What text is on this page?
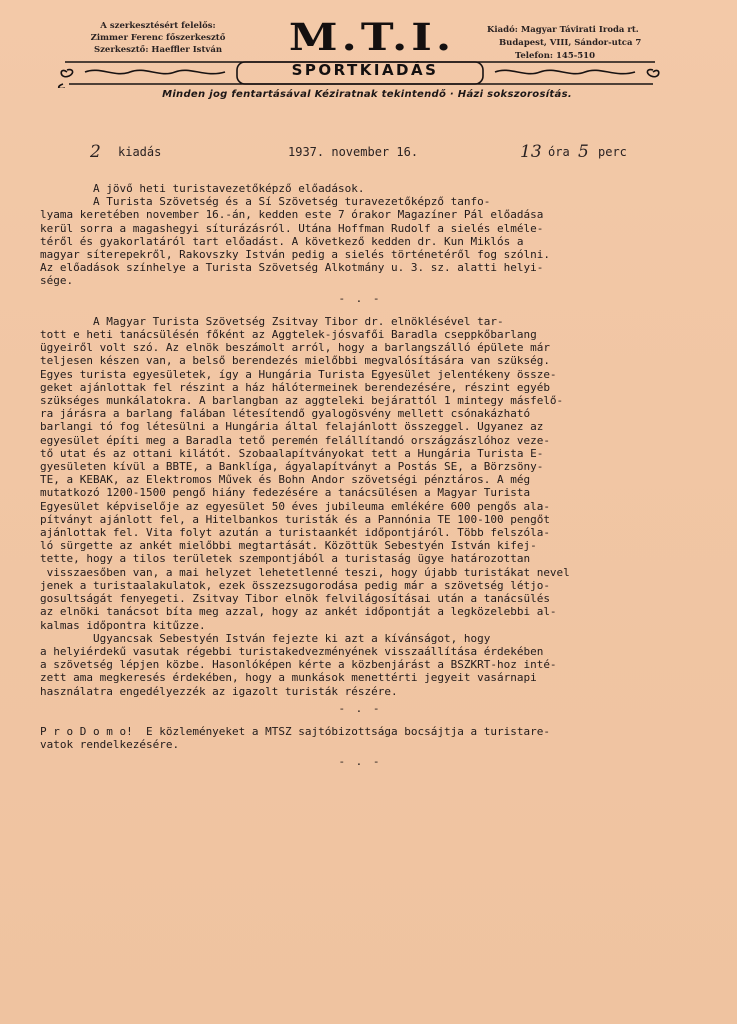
A szerkesztésért felelős:
Zimmer Ferenc főszerkesztő
Szerkesztő: Haeffler István	M.T.I.	Kiadó: Magyar Távirati Iroda rt.
Budapest, VIII, Sándor-utca 7
Telefon: 145-510
SPORTKIADÁS
Minden jog fentartásával Kéziratnak tekintendő · Házi sokszorosítás.
2 kiadás	1937. november 16.	13 óra 5 perc
A jövő heti turistavezetőképző előadások.
A Turista Szövetség és a Sí Szövetség turavezetőképző tanfo-
lyama keretében november 16.-án, kedden este 7 órakor Magazíner Pál előadása
kerül sorra a magashegyi síturázásról. Utána Hoffman Rudolf a sielés elméle-
téről és gyakorlatáról tart előadást. A következő kedden dr. Kun Miklós a
magyar síterepekről, Rakovszky István pedig a sielés történetéről fog szólni.
Az előadások színhelye a Turista Szövetség Alkotmány u. 3. sz. alatti helyi-
sége.
- . -
A Magyar Turista Szövetség Zsitvay Tibor dr. elnöklésével tar-
tott e heti tanácsülésén főként az Aggtelek-jósvafői Baradla cseppkőbarlang
ügyeiről volt szó. Az elnök beszámolt arról, hogy a barlangszálló épülete már
teljesen készen van, a belső berendezés mielőbbi megvalósítására van szükség.
Egyes turista egyesületek, így a Hungária Turista Egyesület jelentékeny össze-
geket ajánlottak fel részint a ház hálótermeinek berendezésére, részint egyéb
szükséges munkálatokra. A barlangban az aggteleki bejárattól 1 mintegy másfelő-
ra járásra a barlang falában létesítendő gyalogösvény mellett csónakázható
barlangi tó fog létesülni a Hungária által felajánlott összeggel. Ugyanez az
egyesület építi meg a Baradla tető peremén felállítandó országzászlóhoz veze-
tő utat és az ottani kilátót. Szobaalapítványokat tett a Hungária Turista E-
gyesületen kívül a BBTE, a Banklíga, ágyalapítványt a Postás SE, a Börzsöny-
TE, a KEBAK, az Elektromos Művek és Bohn Andor szövetségi pénztáros. A még
mutatkozó 1200-1500 pengő hiány fedezésére a tanácsülésen a Magyar Turista
Egyesület képviselője az egyesület 50 éves jubileuma emlékére 600 pengős ala-
pítványt ajánlott fel, a Hitelbankos turisták és a Pannónia TE 100-100 pengőt
ajánlottak fel. Vita folyt azután a turistaankét időpontjáról. Több felszóla-
ló sürgette az ankét mielőbbi megtartását. Közöttük Sebestyén István kifej-
tette, hogy a tilos területek szempontjából a turistaság ügye határozottan
visszaesőben van, a mai helyzet lehetetlenné teszi, hogy újabb turistákat nevel
jenek a turistaalakulatok, ezek összezsugorodása pedig már a szövetség létjo-
gosultságát fenyegeti. Zsitvay Tibor elnök felvilágosításai után a tanácsülés
az elnöki tanácsot bíta meg azzal, hogy az ankét időpontját a legközelebbi al-
kalmas időpontra kitűzze.
Ugyancsak Sebestyén István fejezte ki azt a kívánságot, hogy
a helyiérdekű vasutak régebbi turistakedvezményének visszaállítása érdekében
a szövetség lépjen közbe. Hasonlóképen kérte a közbenjárást a BSZKRT-hoz inté-
zett ama megkeresés érdekében, hogy a munkások menettérti jegyeit vasárnapi
használatra engedélyezzék az igazolt turisták részére.
- . -
P r o D o m o!  E közleményeket a MTSZ sajtóbizottsága bocsájtja a turistare-
vatok rendelkezésére.
- . -
